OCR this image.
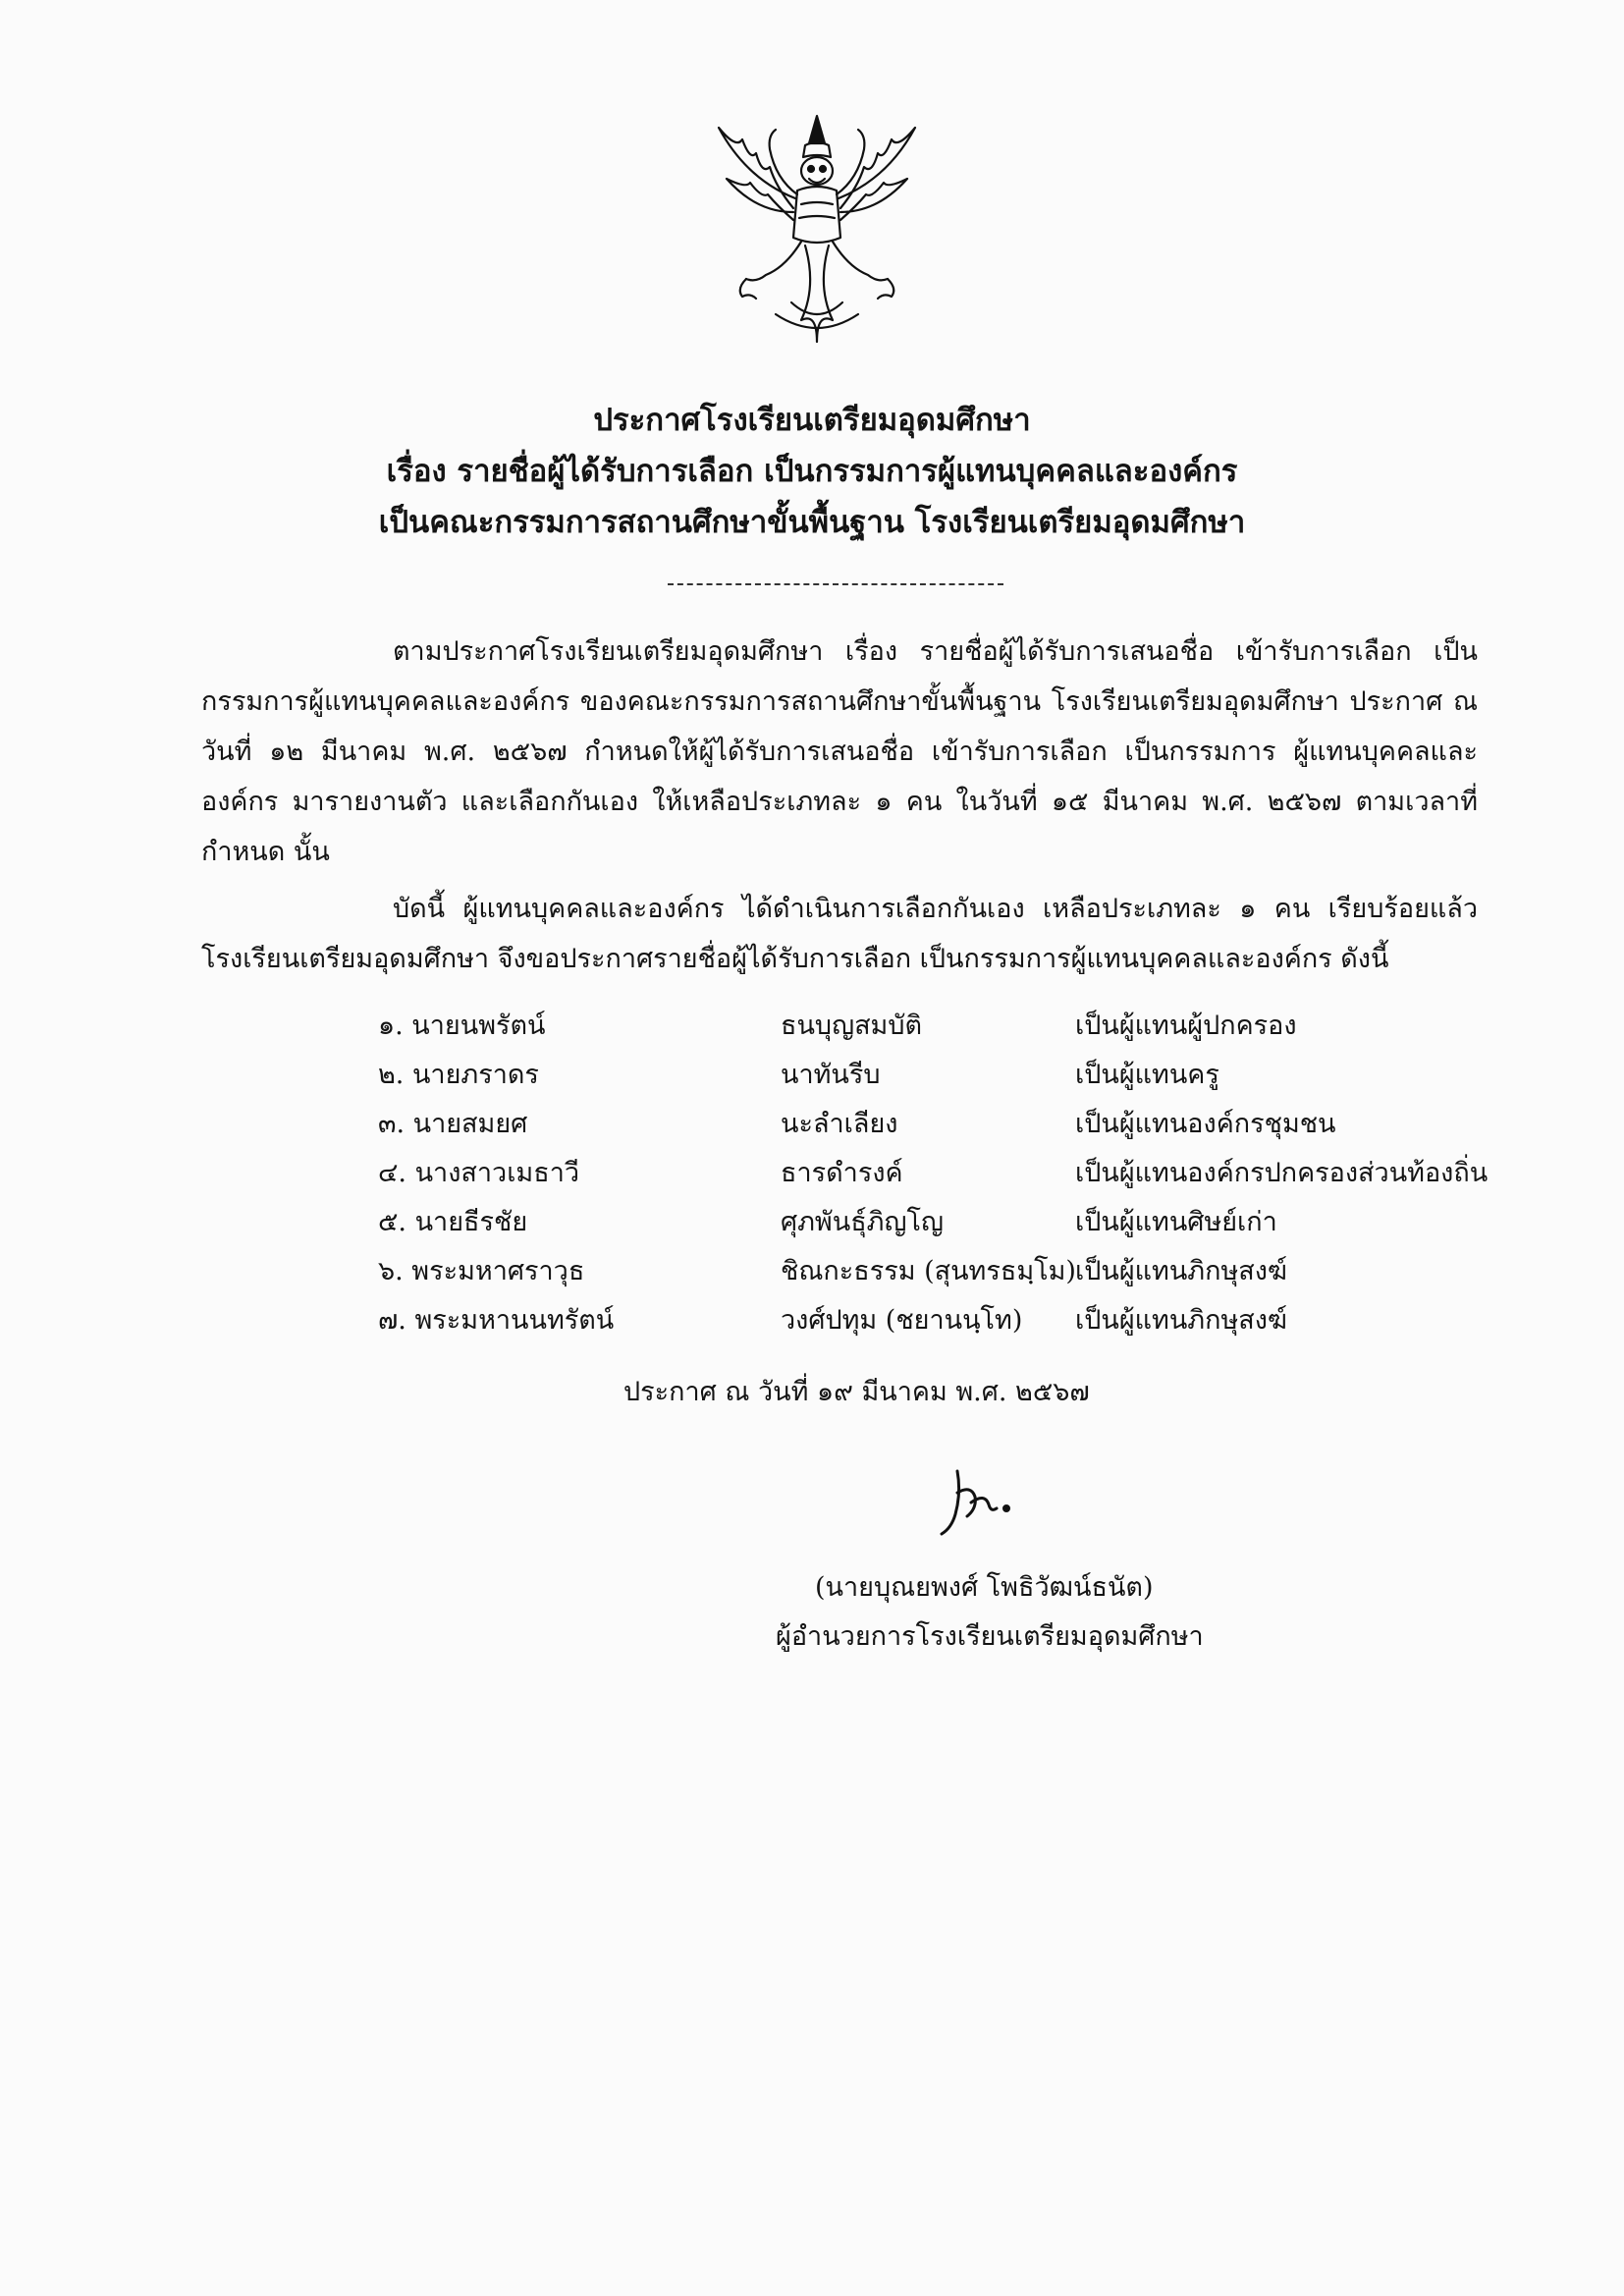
ประกาศโรงเรียนเตรียมอุดมศึกษา
เรื่อง รายชื่อผู้ได้รับการเลือก เป็นกรรมการผู้แทนบุคคลและองค์กร
เป็นคณะกรรมการสถานศึกษาขั้นพื้นฐาน โรงเรียนเตรียมอุดมศึกษา
ตามประกาศโรงเรียนเตรียมอุดมศึกษา เรื่อง รายชื่อผู้ได้รับการเสนอชื่อ เข้ารับการเลือก เป็นกรรมการผู้แทนบุคคลและองค์กร ของคณะกรรมการสถานศึกษาขั้นพื้นฐาน โรงเรียนเตรียมอุดมศึกษา ประกาศ ณ วันที่ ๑๒ มีนาคม พ.ศ. ๒๕๖๗ กำหนดให้ผู้ได้รับการเสนอชื่อ เข้ารับการเลือก เป็นกรรมการ ผู้แทนบุคคลและองค์กร มารายงานตัว และเลือกกันเอง ให้เหลือประเภทละ ๑ คน ในวันที่ ๑๕ มีนาคม พ.ศ. ๒๕๖๗ ตามเวลาที่กำหนด นั้น
บัดนี้ ผู้แทนบุคคลและองค์กร ได้ดำเนินการเลือกกันเอง เหลือประเภทละ ๑ คน เรียบร้อยแล้ว โรงเรียนเตรียมอุดมศึกษา จึงขอประกาศรายชื่อผู้ได้รับการเลือก เป็นกรรมการผู้แทนบุคคลและองค์กร ดังนี้
๑. นายนพรัตน์	ธนบุญสมบัติ	เป็นผู้แทนผู้ปกครอง
๒. นายภราดร	นาทันรีบ	เป็นผู้แทนครู
๓. นายสมยศ	นะลำเลียง	เป็นผู้แทนองค์กรชุมชน
๔. นางสาวเมธาวี	ธารดำรงค์	เป็นผู้แทนองค์กรปกครองส่วนท้องถิ่น
๕. นายธีรชัย	ศุภพันธุ์ภิญโญ	เป็นผู้แทนศิษย์เก่า
๖. พระมหาศราวุธ	ชิณกะธรรม (สุนทรธมฺโม) เป็นผู้แทนภิกษุสงฆ์
๗. พระมหานนทรัตน์	วงศ์ปทุม (ชยานนฺโท) เป็นผู้แทนภิกษุสงฆ์
ประกาศ ณ วันที่ ๑๙ มีนาคม พ.ศ. ๒๕๖๗
(นายบุณยพงศ์ โพธิวัฒน์ธนัต)
ผู้อำนวยการโรงเรียนเตรียมอุดมศึกษา
